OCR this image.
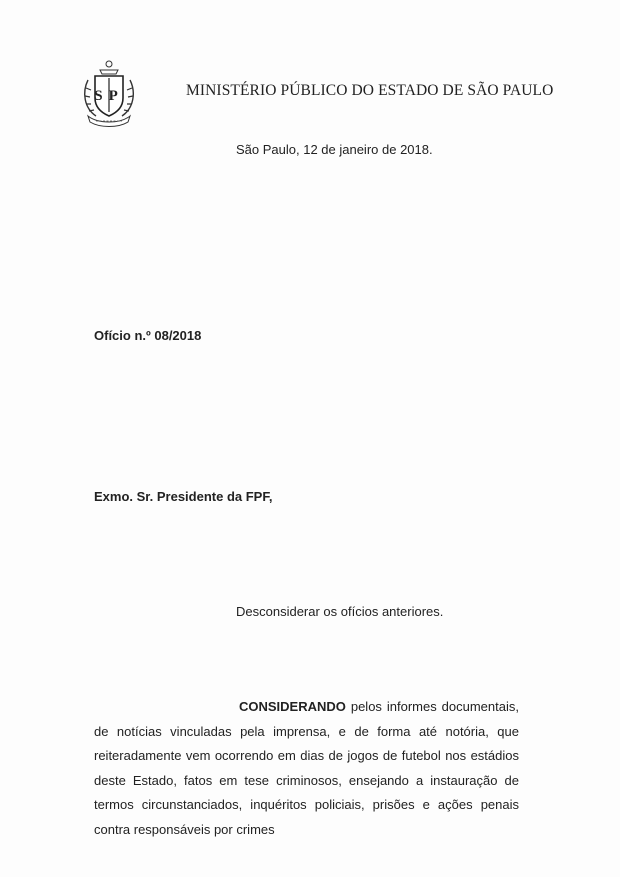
SP	MINISTÉRIO PÚBLICO DO ESTADO DE SÃO PAULO
São Paulo, 12 de janeiro de 2018.
Ofício n.º 08/2018
Exmo. Sr. Presidente da FPF,
Desconsiderar os ofícios anteriores.
CONSIDERANDO pelos informes documentais, de notícias vinculadas pela imprensa, e de forma até notória, que reiteradamente vem ocorrendo em dias de jogos de futebol nos estádios deste Estado, fatos em tese criminosos, ensejando a instauração de termos circunstanciados, inquéritos policiais, prisões e ações penais contra responsáveis por crimes
